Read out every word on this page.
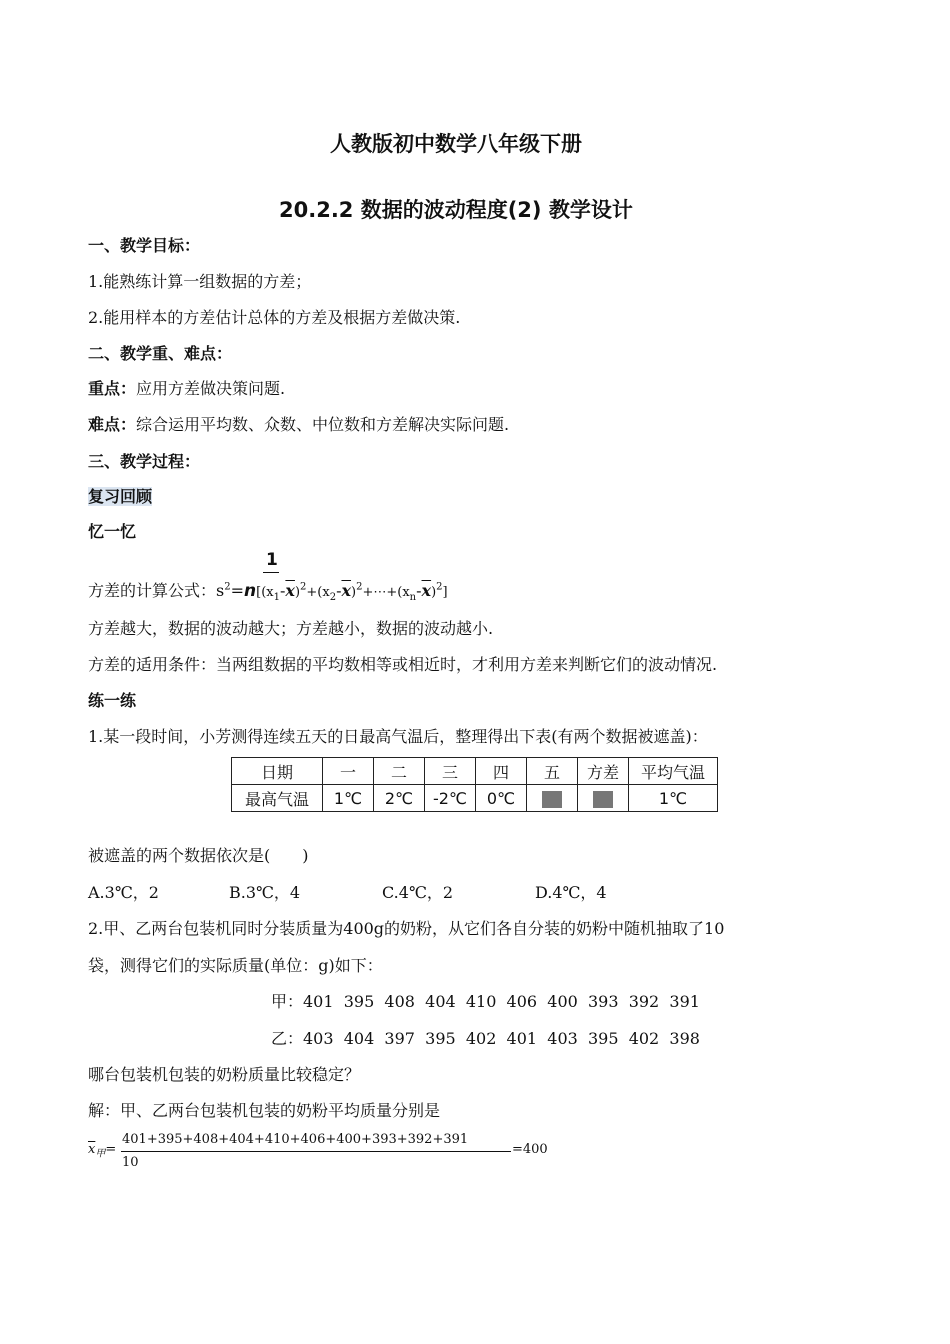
人教版初中数学八年级下册
20.2.2 数据的波动程度(2) 教学设计
一、教学目标：
1.能熟练计算一组数据的方差；
2.能用样本的方差估计总体的方差及根据方差做决策.
二、教学重、难点：
重点：应用方差做决策问题.
难点：综合运用平均数、众数、中位数和方差解决实际问题.
三、教学过程：
复习回顾
忆一忆
1
方差的计算公式：$s^2=n[(x_1-\overline{x})^2+(x_2-\overline{x})^2+\cdots+(x_n-\overline{x})^2]$
方差越大，数据的波动越大；方差越小，数据的波动越小.
方差的适用条件：当两组数据的平均数相等或相近时，才利用方差来判断它们的波动情况.
练一练
1.某一段时间，小芳测得连续五天的日最高气温后，整理得出下表(有两个数据被遮盖)：
日期	一	二	三	四	五	方差	平均气温
最高气温	1℃	2℃	-2℃	0℃			1℃
被遮盖的两个数据依次是(　　)
A.3℃，2	B.3℃，4	C.4℃，2	D.4℃，4
2.甲、乙两台包装机同时分装质量为400g的奶粉，从它们各自分装的奶粉中随机抽取了10
袋，测得它们的实际质量(单位：g)如下：
甲：401  395  408  404  410  406  400  393  392  391
乙：403  404  397  395  402  401  403  395  402  398
哪台包装机包装的奶粉质量比较稳定？
解：甲、乙两台包装机包装的奶粉平均质量分别是
$\overline{x}_甲=$
401+395+408+404+410+406+400+393+392+391
10
=400
